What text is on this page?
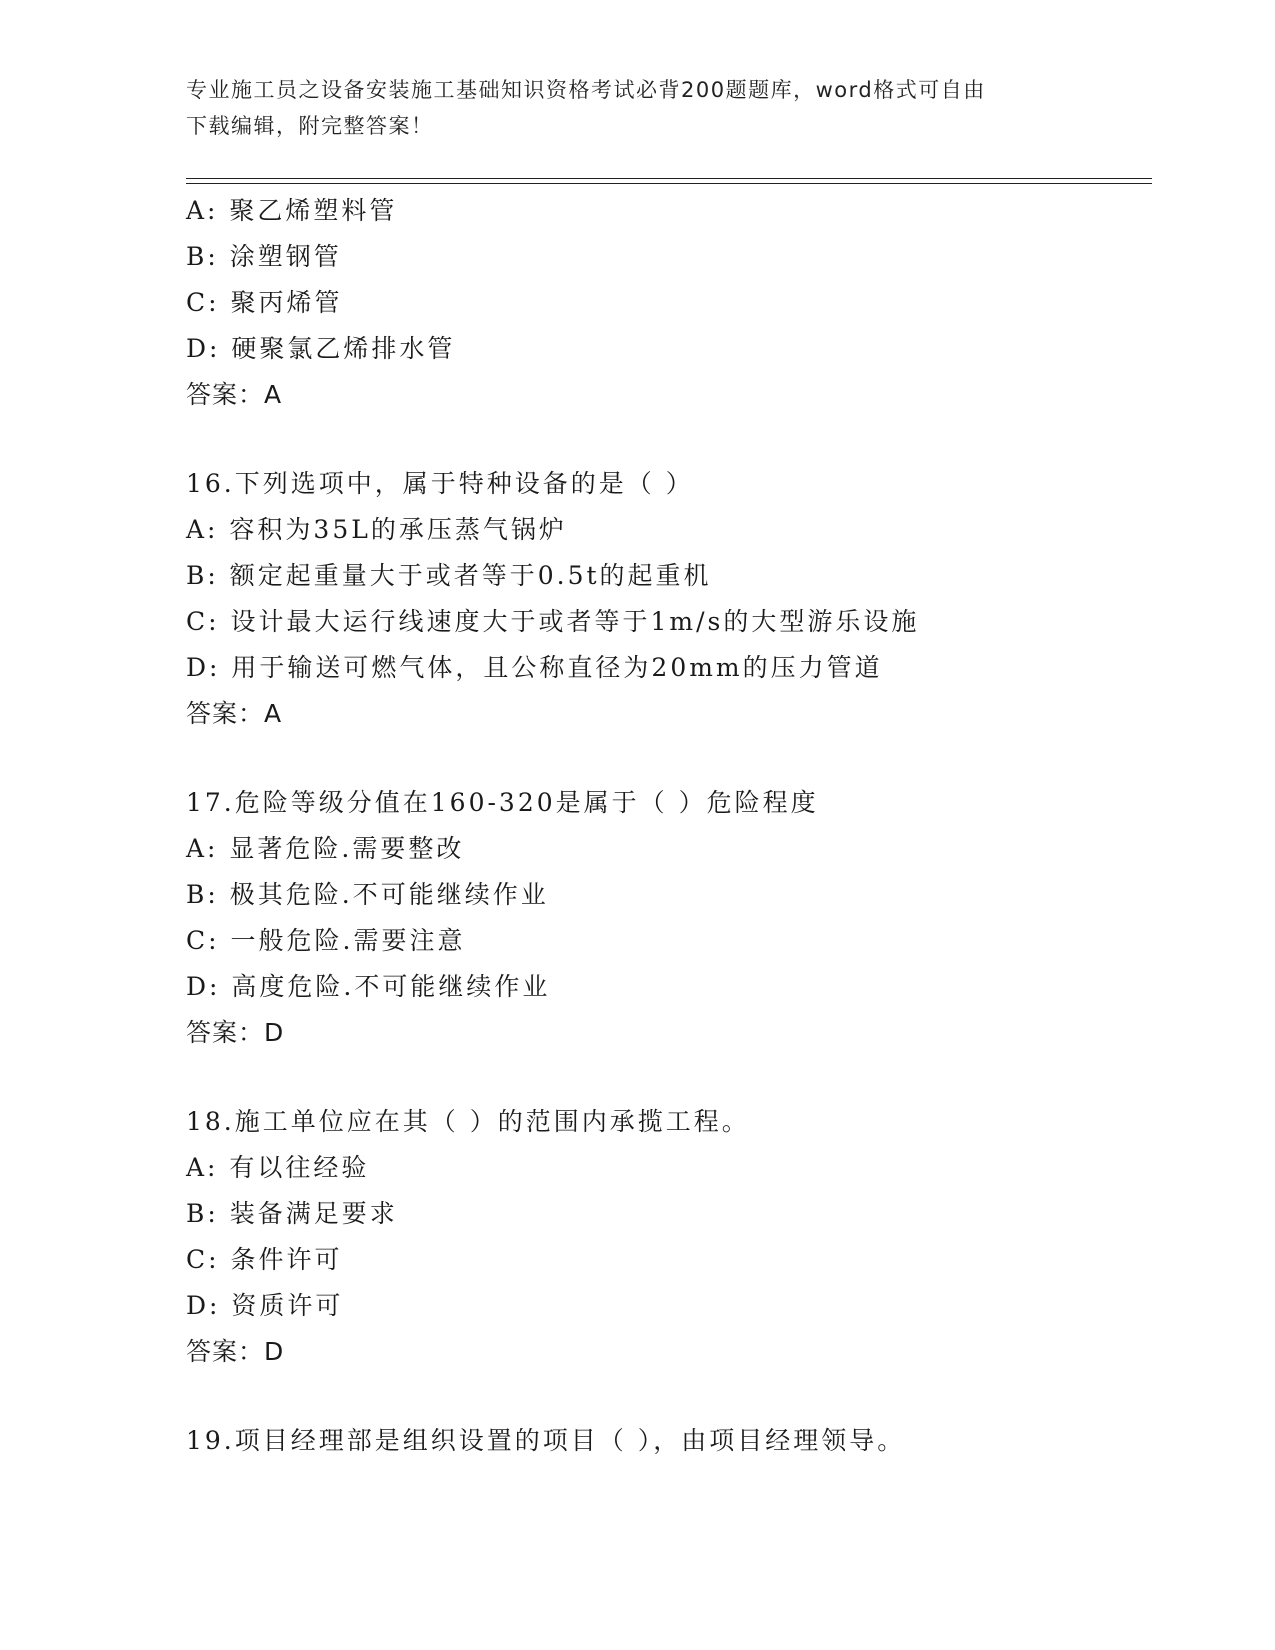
专业施工员之设备安装施工基础知识资格考试必背200题题库，word格式可自由
下载编辑，附完整答案！
A: 聚乙烯塑料管
B: 涂塑钢管
C: 聚丙烯管
D: 硬聚氯乙烯排水管
答案：A
16.下列选项中，属于特种设备的是（ ）
A: 容积为35L的承压蒸气锅炉
B: 额定起重量大于或者等于0.5t的起重机
C: 设计最大运行线速度大于或者等于1m/s的大型游乐设施
D: 用于输送可燃气体，且公称直径为20mm的压力管道
答案：A
17.危险等级分值在160-320是属于（ ）危险程度
A: 显著危险.需要整改
B: 极其危险.不可能继续作业
C: 一般危险.需要注意
D: 高度危险.不可能继续作业
答案：D
18.施工单位应在其（ ）的范围内承揽工程。
A: 有以往经验
B: 装备满足要求
C: 条件许可
D: 资质许可
答案：D
19.项目经理部是组织设置的项目（ ），由项目经理领导。
